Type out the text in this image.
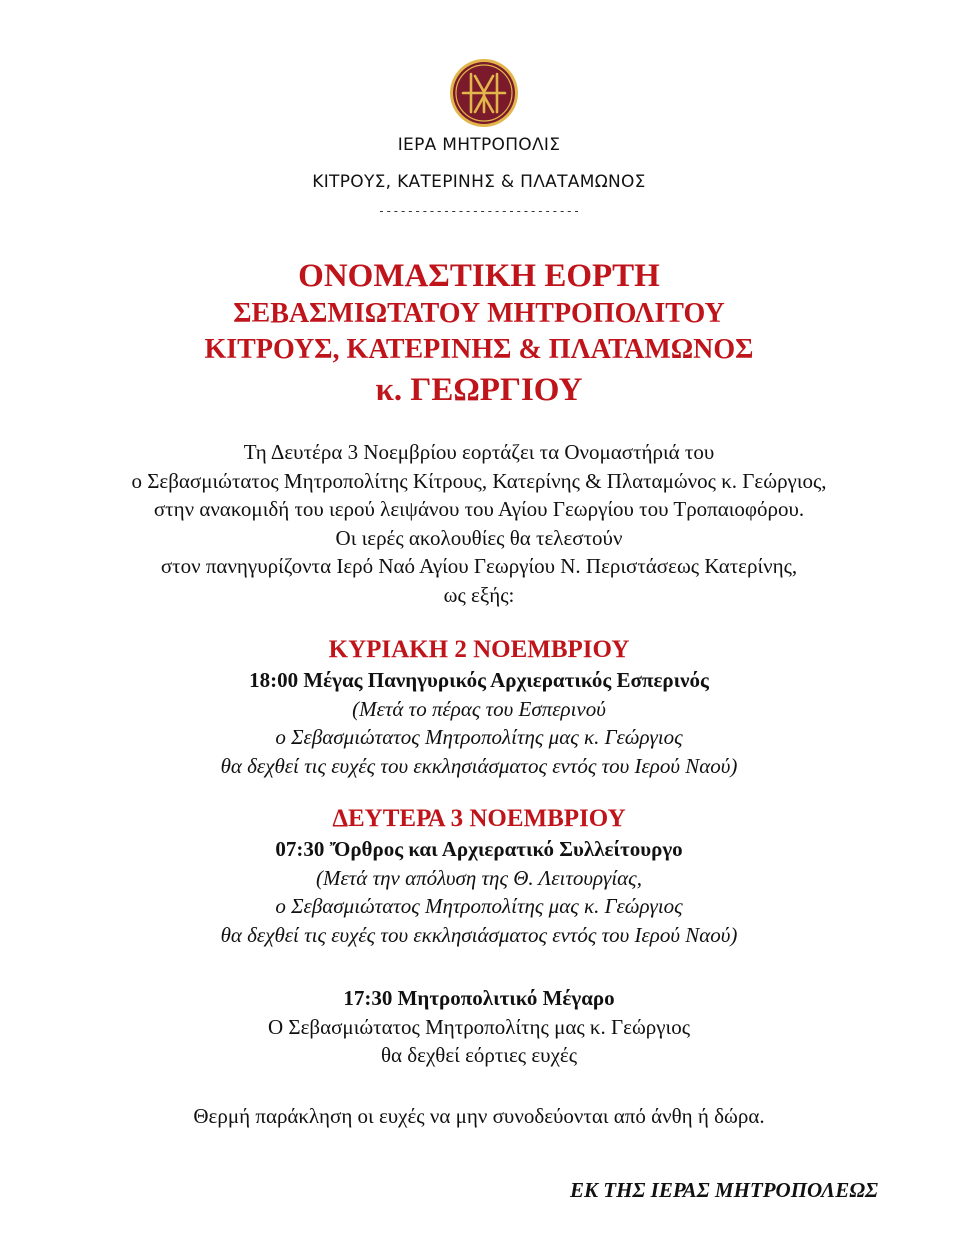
ΙΕΡΑ ΜΗΤΡΟΠΟΛΙΣ
ΚΙΤΡΟΥΣ, ΚΑΤΕΡΙΝΗΣ & ΠΛΑΤΑΜΩΝΟΣ
----------------------------
ΟΝΟΜΑΣΤΙΚΗ ΕΟΡΤΗ
ΣΕΒΑΣΜΙΩΤΑΤΟΥ ΜΗΤΡΟΠΟΛΙΤΟΥ
ΚΙΤΡΟΥΣ, ΚΑΤΕΡΙΝΗΣ & ΠΛΑΤΑΜΩΝΟΣ
κ. ΓΕΩΡΓΙΟΥ
Τη Δευτέρα 3 Νοεμβρίου εορτάζει τα Ονομαστήριά του
ο Σεβασμιώτατος Μητροπολίτης Κίτρους, Κατερίνης & Πλαταμώνος κ. Γεώργιος,
στην ανακομιδή του ιερού λειψάνου του Αγίου Γεωργίου του Τροπαιοφόρου.
Οι ιερές ακολουθίες θα τελεστούν
στον πανηγυρίζοντα Ιερό Ναό Αγίου Γεωργίου Ν. Περιστάσεως Κατερίνης,
ως εξής:
ΚΥΡΙΑΚΗ 2 ΝΟΕΜΒΡΙΟΥ
18:00 Μέγας Πανηγυρικός Αρχιερατικός Εσπερινός
(Μετά το πέρας του Εσπερινού
ο Σεβασμιώτατος Μητροπολίτης μας κ. Γεώργιος
θα δεχθεί τις ευχές του εκκλησιάσματος εντός του Ιερού Ναού)
ΔΕΥΤΕΡΑ 3 ΝΟΕΜΒΡΙΟΥ
07:30 Ὄρθρος και Αρχιερατικό Συλλείτουργο
(Μετά την απόλυση της Θ. Λειτουργίας,
ο Σεβασμιώτατος Μητροπολίτης μας κ. Γεώργιος
θα δεχθεί τις ευχές του εκκλησιάσματος εντός του Ιερού Ναού)
17:30 Μητροπολιτικό Μέγαρο
Ο Σεβασμιώτατος Μητροπολίτης μας κ. Γεώργιος
θα δεχθεί εόρτιες ευχές
Θερμή παράκληση οι ευχές να μην συνοδεύονται από άνθη ή δώρα.
ΕΚ ΤΗΣ ΙΕΡΑΣ ΜΗΤΡΟΠΟΛΕΩΣ
